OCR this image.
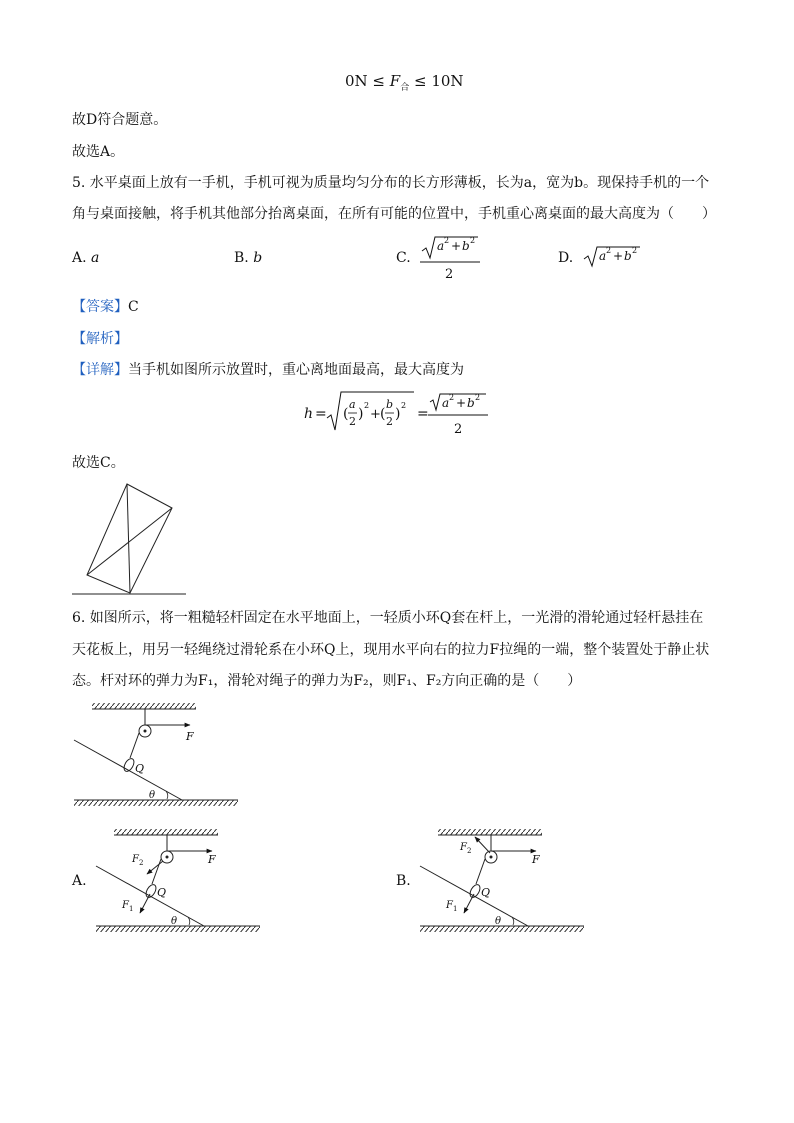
$0N \le F_合 \le 10N$
故D符合题意。
故选A。
5. 水平桌面上放有一手机，手机可视为质量均匀分布的长方形薄板，长为a，宽为b。现保持手机的一个
角与桌面接触，将手机其他部分抬离桌面，在所有可能的位置中，手机重心离桌面的最大高度为（　　）
A. a	B. b	C.
a 2 + b 2
2
D. a 2 + b 2
【答案】C
【解析】
【详解】当手机如图所示放置时，重心离地面最高，最大高度为
h = (
a
2 )
2
+ (
b
2 )
2
=
a 2 + b 2
2
故选C。
6. 如图所示，将一粗糙轻杆固定在水平地面上，一轻质小环Q套在杆上，一光滑的滑轮通过轻杆悬挂在
天花板上，用另一轻绳绕过滑轮系在小环Q上，现用水平向右的拉力F拉绳的一端，整个装置处于静止状
态。杆对环的弹力为F₁，滑轮对绳子的弹力为F₂，则F₁、F₂方向正确的是（　　）
F
Q
θ
A.
F
F 2
Q
F 1
θ
B.
F
F 2
Q
F 1
θ
